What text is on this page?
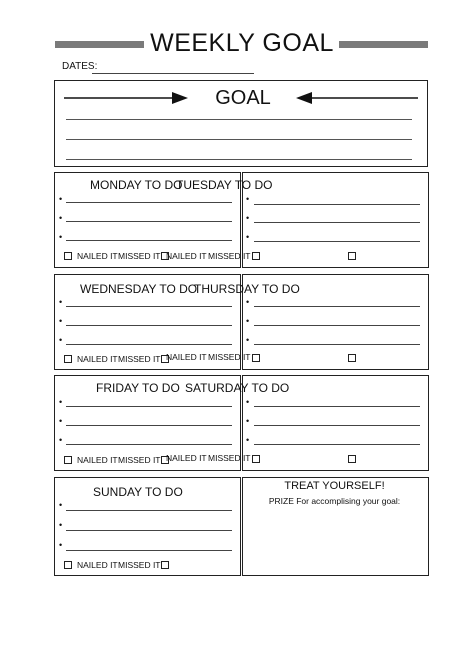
WEEKLY GOAL
DATES:
GOAL
MONDAY TO DO
TUESDAY TO DO
•
•
•
•
•
•
NAILED IT MISSED IT NAILED IT MISSED IT
WEDNESDAY TO DO
THURSDAY TO DO
•
•
•
•
•
•
NAILED IT MISSED IT NAILED IT MISSED IT
FRIDAY TO DO SATURDAY TO DO
•
•
•
•
•
•
NAILED IT MISSED IT NAILED IT MISSED IT
SUNDAY TO DO
•
•
•
NAILED IT MISSED IT
TREAT YOURSELF!
PRIZE For accomplising your goal:
